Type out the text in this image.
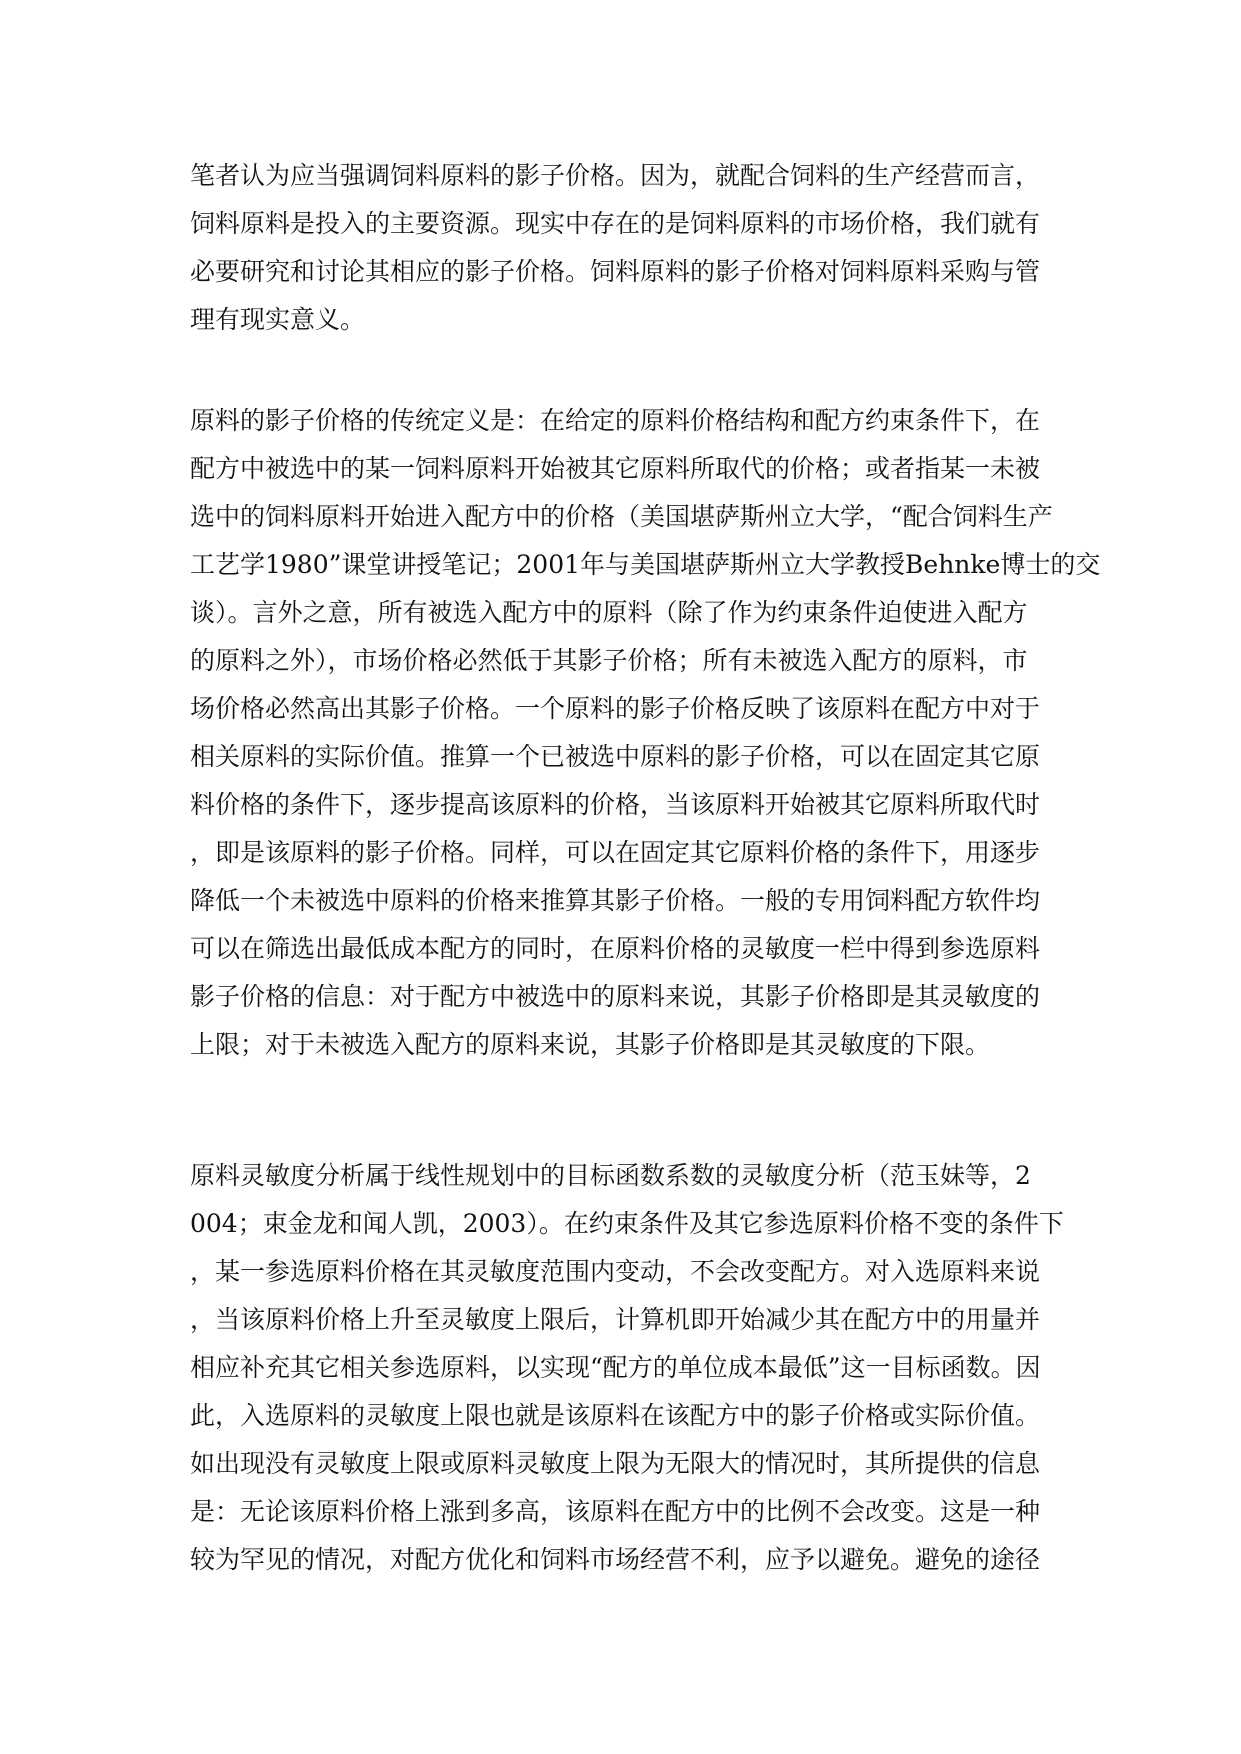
笔者认为应当强调饲料原料的影子价格。因为，就配合饲料的生产经营而言，
饲料原料是投入的主要资源。现实中存在的是饲料原料的市场价格，我们就有
必要研究和讨论其相应的影子价格。饲料原料的影子价格对饲料原料采购与管
理有现实意义。
原料的影子价格的传统定义是：在给定的原料价格结构和配方约束条件下，在
配方中被选中的某一饲料原料开始被其它原料所取代的价格；或者指某一未被
选中的饲料原料开始进入配方中的价格（美国堪萨斯州立大学，“配合饲料生产
工艺学1980”课堂讲授笔记；2001年与美国堪萨斯州立大学教授Behnke博士的交
谈）。言外之意，所有被选入配方中的原料（除了作为约束条件迫使进入配方
的原料之外），市场价格必然低于其影子价格；所有未被选入配方的原料，市
场价格必然高出其影子价格。一个原料的影子价格反映了该原料在配方中对于
相关原料的实际价值。推算一个已被选中原料的影子价格，可以在固定其它原
料价格的条件下，逐步提高该原料的价格，当该原料开始被其它原料所取代时
，即是该原料的影子价格。同样，可以在固定其它原料价格的条件下，用逐步
降低一个未被选中原料的价格来推算其影子价格。一般的专用饲料配方软件均
可以在筛选出最低成本配方的同时，在原料价格的灵敏度一栏中得到参选原料
影子价格的信息：对于配方中被选中的原料来说，其影子价格即是其灵敏度的
上限；对于未被选入配方的原料来说，其影子价格即是其灵敏度的下限。
原料灵敏度分析属于线性规划中的目标函数系数的灵敏度分析（范玉妹等，2
004；束金龙和闻人凯，2003）。在约束条件及其它参选原料价格不变的条件下
，某一参选原料价格在其灵敏度范围内变动，不会改变配方。对入选原料来说
，当该原料价格上升至灵敏度上限后，计算机即开始减少其在配方中的用量并
相应补充其它相关参选原料，以实现“配方的单位成本最低”这一目标函数。因
此，入选原料的灵敏度上限也就是该原料在该配方中的影子价格或实际价值。
如出现没有灵敏度上限或原料灵敏度上限为无限大的情况时，其所提供的信息
是：无论该原料价格上涨到多高，该原料在配方中的比例不会改变。这是一种
较为罕见的情况，对配方优化和饲料市场经营不利，应予以避免。避免的途径
